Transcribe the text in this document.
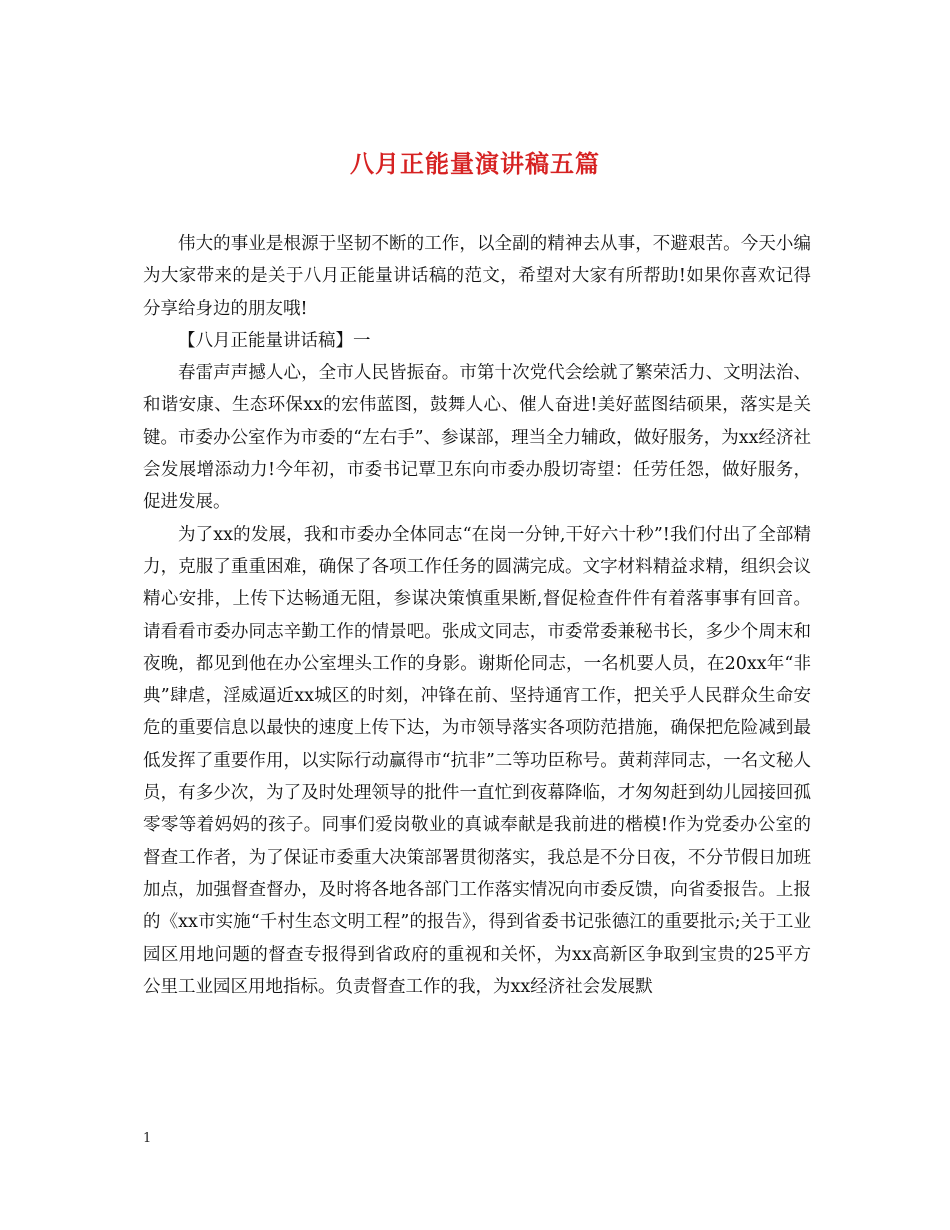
八月正能量演讲稿五篇

伟大的事业是根源于坚韧不断的工作，以全副的精神去从事，不避艰苦。今天小编为大家带来的是关于八月正能量讲话稿的范文，希望对大家有所帮助!如果你喜欢记得分享给身边的朋友哦!

【八月正能量讲话稿】一

春雷声声撼人心，全市人民皆振奋。市第十次党代会绘就了繁荣活力、文明法治、和谐安康、生态环保xx的宏伟蓝图，鼓舞人心、催人奋进!美好蓝图结硕果，落实是关键。市委办公室作为市委的“左右手”、参谋部，理当全力辅政，做好服务，为xx经济社会发展增添动力!今年初，市委书记覃卫东向市委办殷切寄望：任劳任怨，做好服务，促进发展。

为了xx的发展，我和市委办全体同志“在岗一分钟,干好六十秒”!我们付出了全部精力，克服了重重困难，确保了各项工作任务的圆满完成。文字材料精益求精，组织会议精心安排，上传下达畅通无阻，参谋决策慎重果断,督促检查件件有着落事事有回音。请看看市委办同志辛勤工作的情景吧。张成文同志，市委常委兼秘书长，多少个周末和夜晚，都见到他在办公室埋头工作的身影。谢斯伦同志，一名机要人员，在20xx年“非典”肆虐，淫威逼近xx城区的时刻，冲锋在前、坚持通宵工作，把关乎人民群众生命安危的重要信息以最快的速度上传下达，为市领导落实各项防范措施，确保把危险减到最低发挥了重要作用，以实际行动赢得市“抗非”二等功臣称号。黄莉萍同志，一名文秘人员，有多少次，为了及时处理领导的批件一直忙到夜幕降临，才匆匆赶到幼儿园接回孤零零等着妈妈的孩子。同事们爱岗敬业的真诚奉献是我前进的楷模!作为党委办公室的督查工作者，为了保证市委重大决策部署贯彻落实，我总是不分日夜，不分节假日加班加点，加强督查督办，及时将各地各部门工作落实情况向市委反馈，向省委报告。上报的《xx市实施“千村生态文明工程”的报告》，得到省委书记张德江的重要批示;关于工业园区用地问题的督查专报得到省政府的重视和关怀，为xx高新区争取到宝贵的25平方公里工业园区用地指标。负责督查工作的我，为xx经济社会发展默

1
